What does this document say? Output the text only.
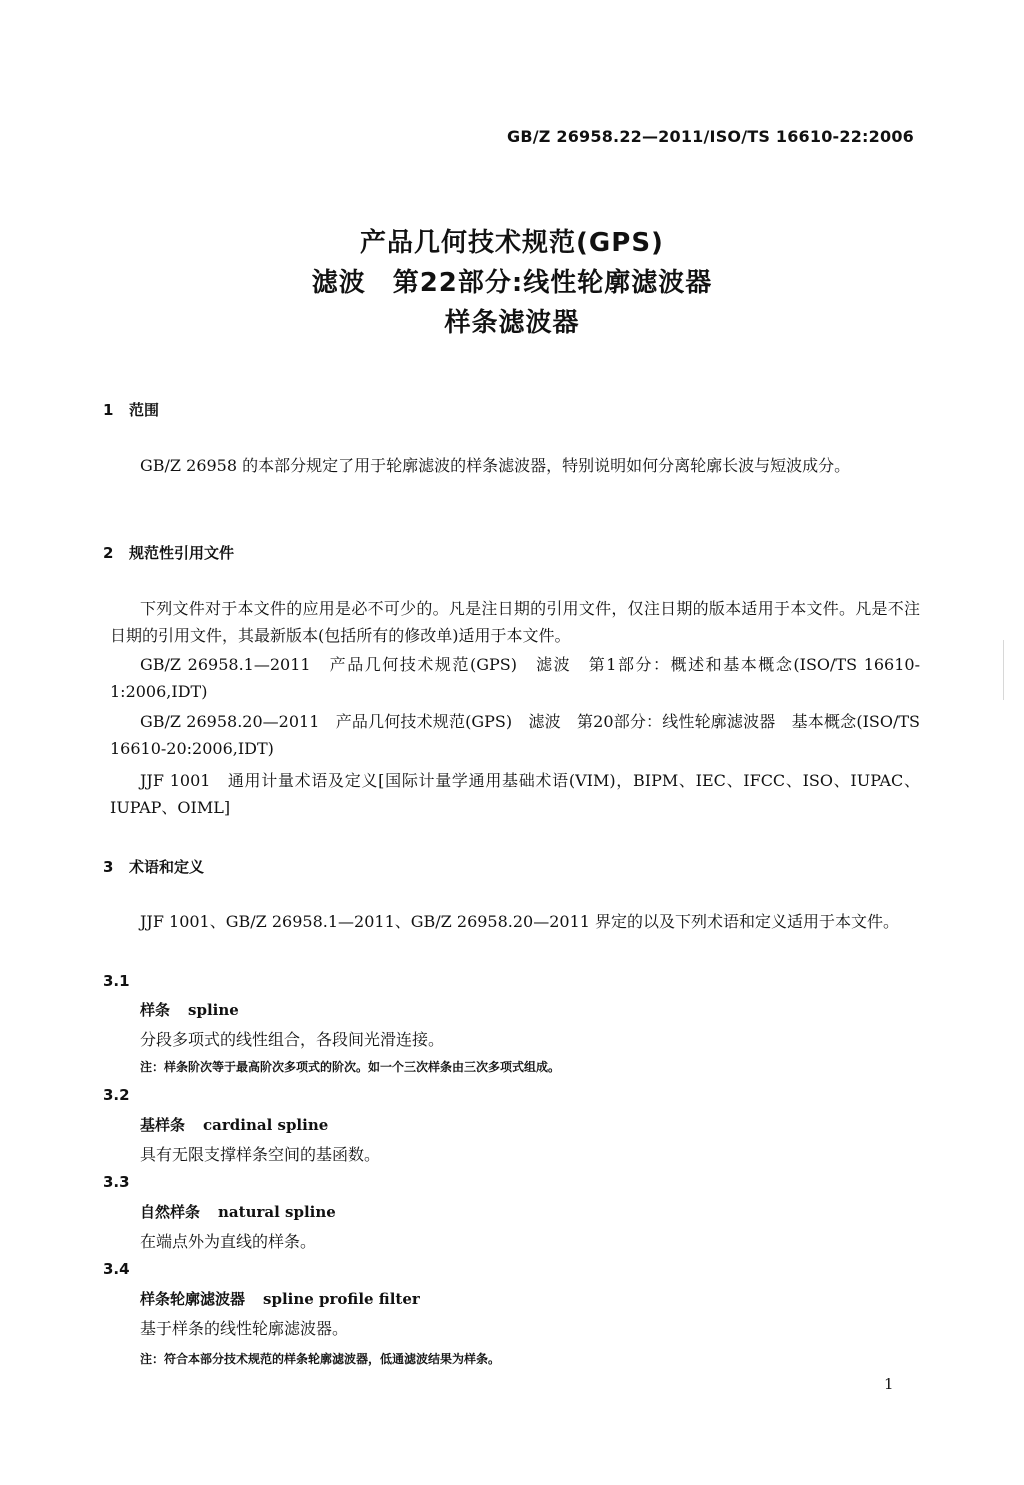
GB/Z 26958.22—2011/ISO/TS 16610-22:2006
产品几何技术规范(GPS)
滤波　第22部分:线性轮廓滤波器
样条滤波器
1 范围
GB/Z 26958 的本部分规定了用于轮廓滤波的样条滤波器，特别说明如何分离轮廓长波与短波成分。
2 规范性引用文件
下列文件对于本文件的应用是必不可少的。凡是注日期的引用文件，仅注日期的版本适用于本文件。凡是不注日期的引用文件，其最新版本(包括所有的修改单)适用于本文件。
GB/Z 26958.1—2011　产品几何技术规范(GPS)　滤波　第1部分：概述和基本概念(ISO/TS 16610-1:2006,IDT)
GB/Z 26958.20—2011　产品几何技术规范(GPS)　滤波　第20部分：线性轮廓滤波器　基本概念(ISO/TS 16610-20:2006,IDT)
JJF 1001　通用计量术语及定义[国际计量学通用基础术语(VIM)，BIPM、IEC、IFCC、ISO、IUPAC、IUPAP、OIML]
3 术语和定义
JJF 1001、GB/Z 26958.1—2011、GB/Z 26958.20—2011 界定的以及下列术语和定义适用于本文件。
3.1
样条 spline
分段多项式的线性组合，各段间光滑连接。
注：样条阶次等于最高阶次多项式的阶次。如一个三次样条由三次多项式组成。
3.2
基样条 cardinal spline
具有无限支撑样条空间的基函数。
3.3
自然样条 natural spline
在端点外为直线的样条。
3.4
样条轮廓滤波器 spline profile filter
基于样条的线性轮廓滤波器。
注：符合本部分技术规范的样条轮廓滤波器，低通滤波结果为样条。
1
